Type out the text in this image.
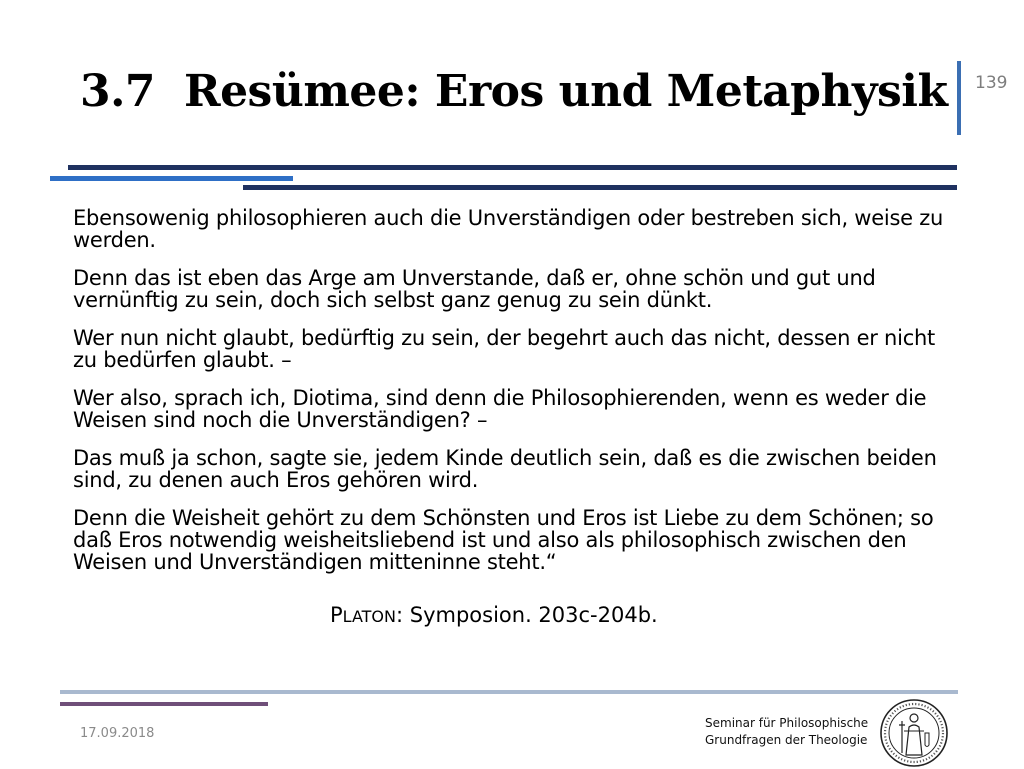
3.7 Resümee: Eros und Metaphysik 139

Ebensowenig philosophieren auch die Unverständigen oder bestreben sich, weise zu werden.

Denn das ist eben das Arge am Unverstande, daß er, ohne schön und gut und vernünftig zu sein, doch sich selbst ganz genug zu sein dünkt.

Wer nun nicht glaubt, bedürftig zu sein, der begehrt auch das nicht, dessen er nicht zu bedürfen glaubt. –

Wer also, sprach ich, Diotima, sind denn die Philosophierenden, wenn es weder die Weisen sind noch die Unverständigen? –

Das muß ja schon, sagte sie, jedem Kinde deutlich sein, daß es die zwischen beiden sind, zu denen auch Eros gehören wird.

Denn die Weisheit gehört zu dem Schönsten und Eros ist Liebe zu dem Schönen; so daß Eros notwendig weisheitsliebend ist und also als philosophisch zwischen den Weisen und Unverständigen mitteninne steht.“

PLATON: Symposion. 203c-204b.
17.09.2018
Seminar für Philosophische
Grundfragen der Theologie
